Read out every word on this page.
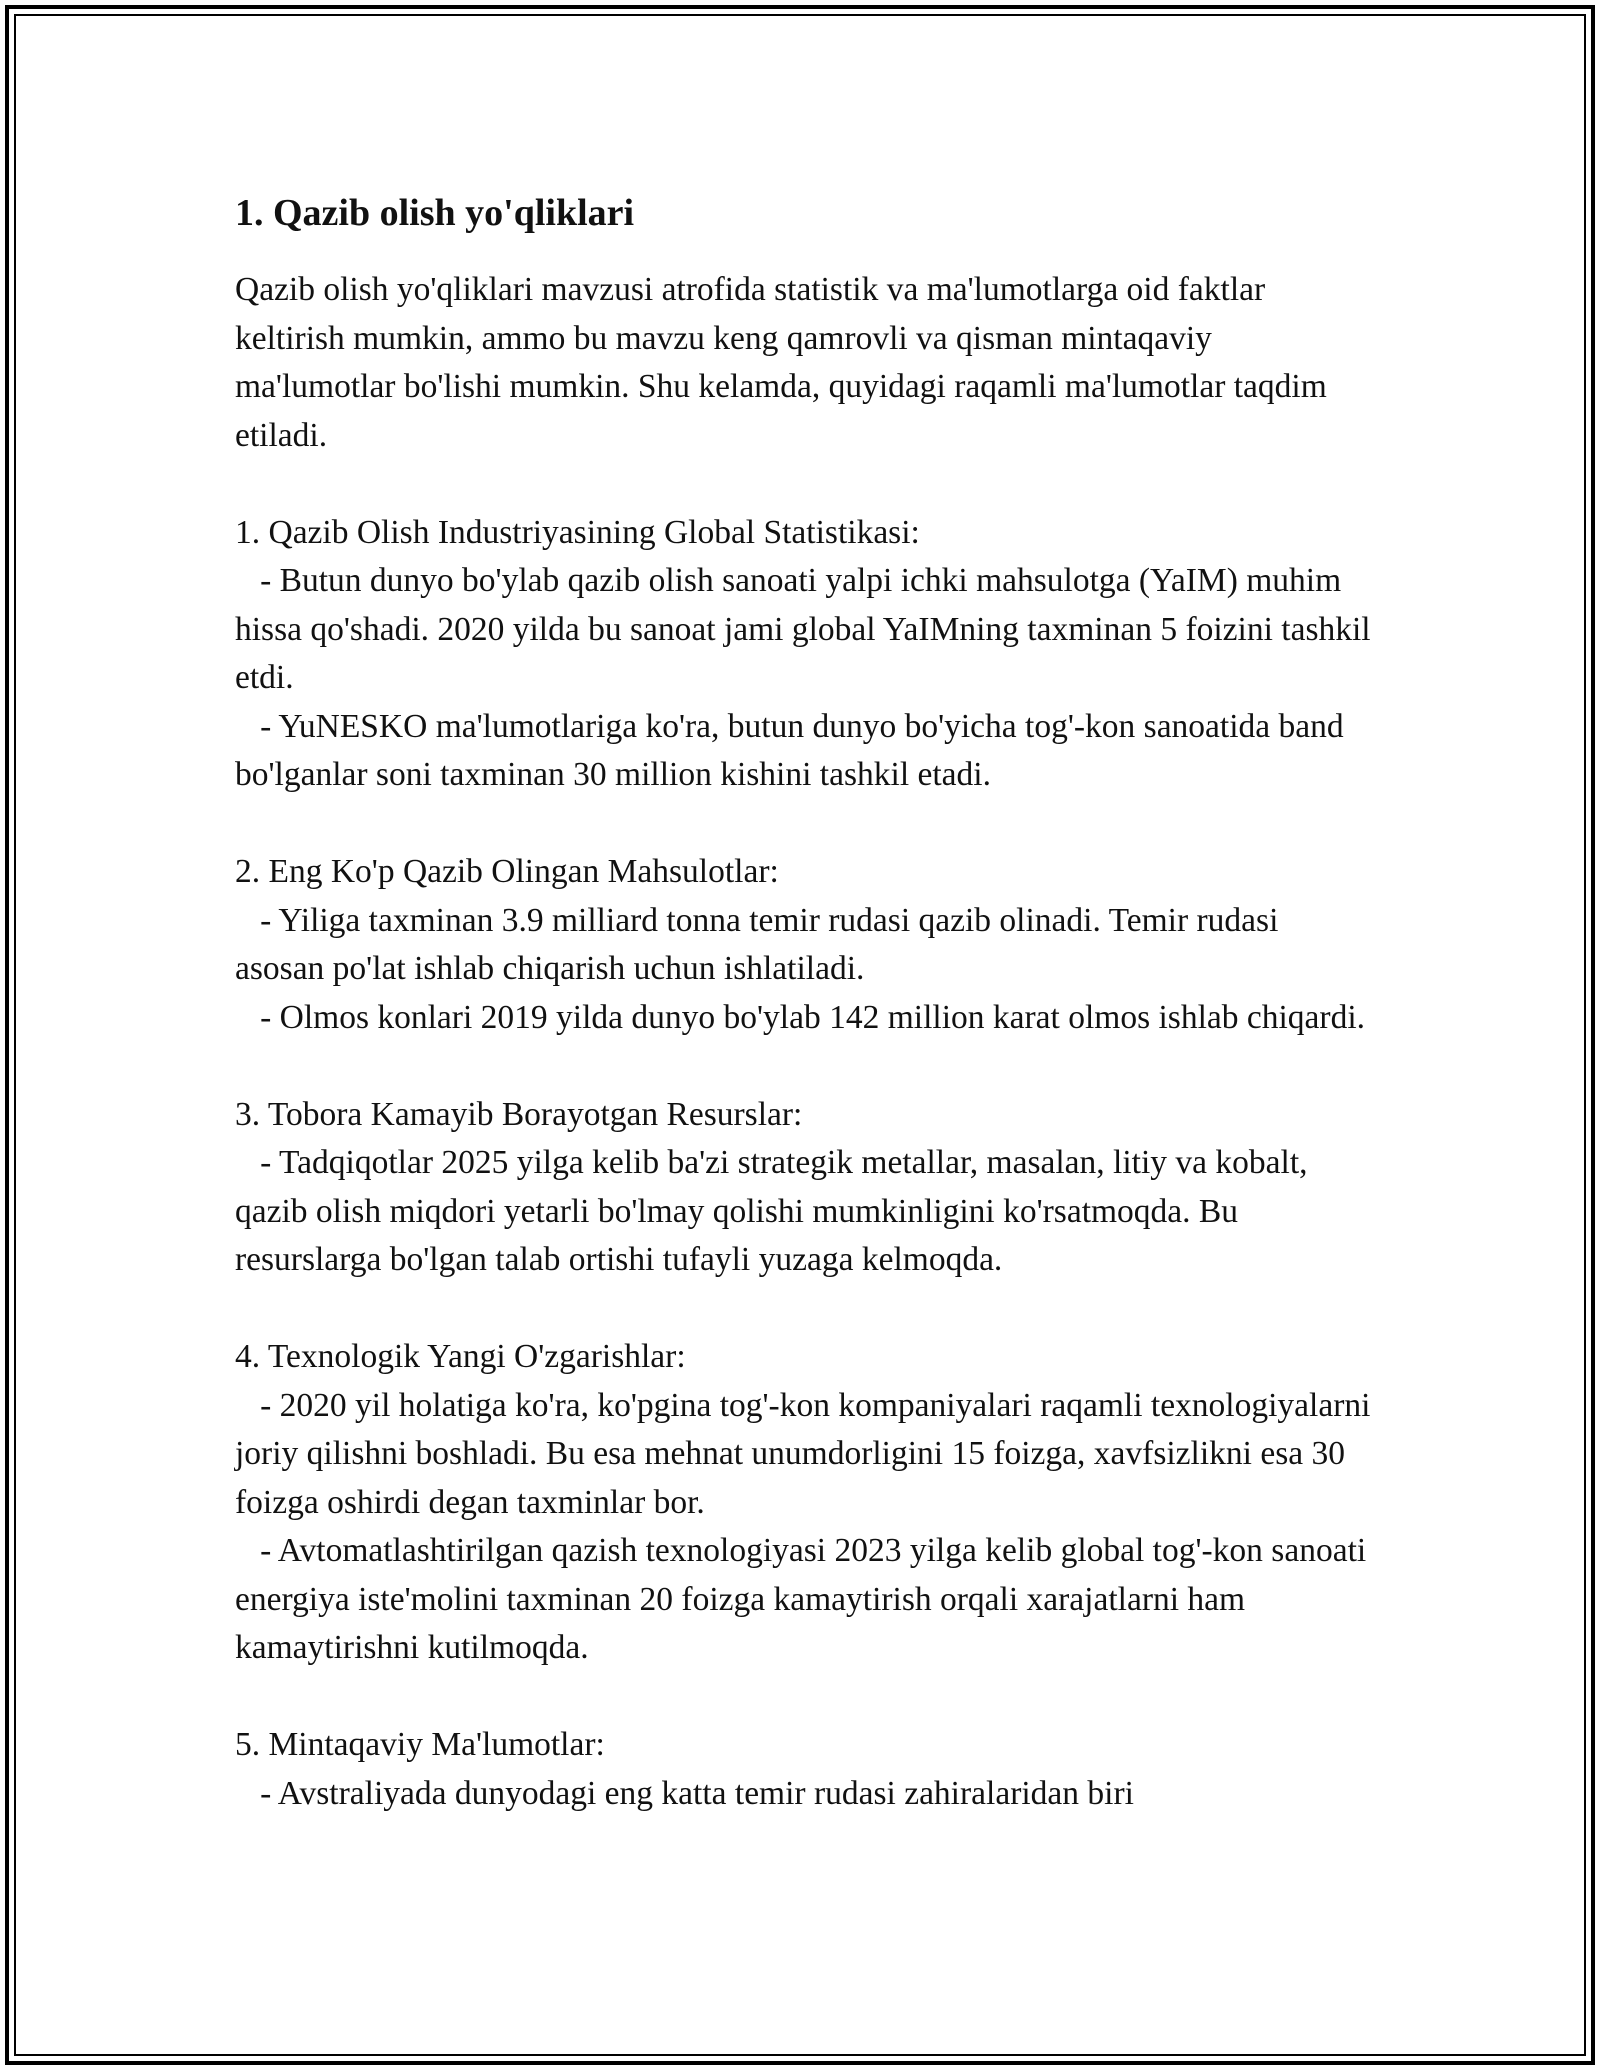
1. Qazib olish yo'qliklari
Qazib olish yo'qliklari mavzusi atrofida statistik va ma'lumotlarga oid faktlar keltirish mumkin, ammo bu mavzu keng qamrovli va qisman mintaqaviy ma'lumotlar bo'lishi mumkin. Shu kelamda, quyidagi raqamli ma'lumotlar taqdim etiladi.
1. Qazib Olish Industriyasining Global Statistikasi:
- Butun dunyo bo'ylab qazib olish sanoati yalpi ichki mahsulotga (YaIM) muhim hissa qo'shadi. 2020 yilda bu sanoat jami global YaIMning taxminan 5 foizini tashkil etdi.
- YuNESKO ma'lumotlariga ko'ra, butun dunyo bo'yicha tog'-kon sanoatida band bo'lganlar soni taxminan 30 million kishini tashkil etadi.
2. Eng Ko'p Qazib Olingan Mahsulotlar:
- Yiliga taxminan 3.9 milliard tonna temir rudasi qazib olinadi. Temir rudasi asosan po'lat ishlab chiqarish uchun ishlatiladi.
- Olmos konlari 2019 yilda dunyo bo'ylab 142 million karat olmos ishlab chiqardi.
3. Tobora Kamayib Borayotgan Resurslar:
- Tadqiqotlar 2025 yilga kelib ba'zi strategik metallar, masalan, litiy va kobalt, qazib olish miqdori yetarli bo'lmay qolishi mumkinligini ko'rsatmoqda. Bu resurslarga bo'lgan talab ortishi tufayli yuzaga kelmoqda.
4. Texnologik Yangi O'zgarishlar:
- 2020 yil holatiga ko'ra, ko'pgina tog'-kon kompaniyalari raqamli texnologiyalarni joriy qilishni boshladi. Bu esa mehnat unumdorligini 15 foizga, xavfsizlikni esa 30 foizga oshirdi degan taxminlar bor.
- Avtomatlashtirilgan qazish texnologiyasi 2023 yilga kelib global tog'-kon sanoati energiya iste'molini taxminan 20 foizga kamaytirish orqali xarajatlarni ham kamaytirishni kutilmoqda.
5. Mintaqaviy Ma'lumotlar:
- Avstraliyada dunyodagi eng katta temir rudasi zahiralaridan biri
